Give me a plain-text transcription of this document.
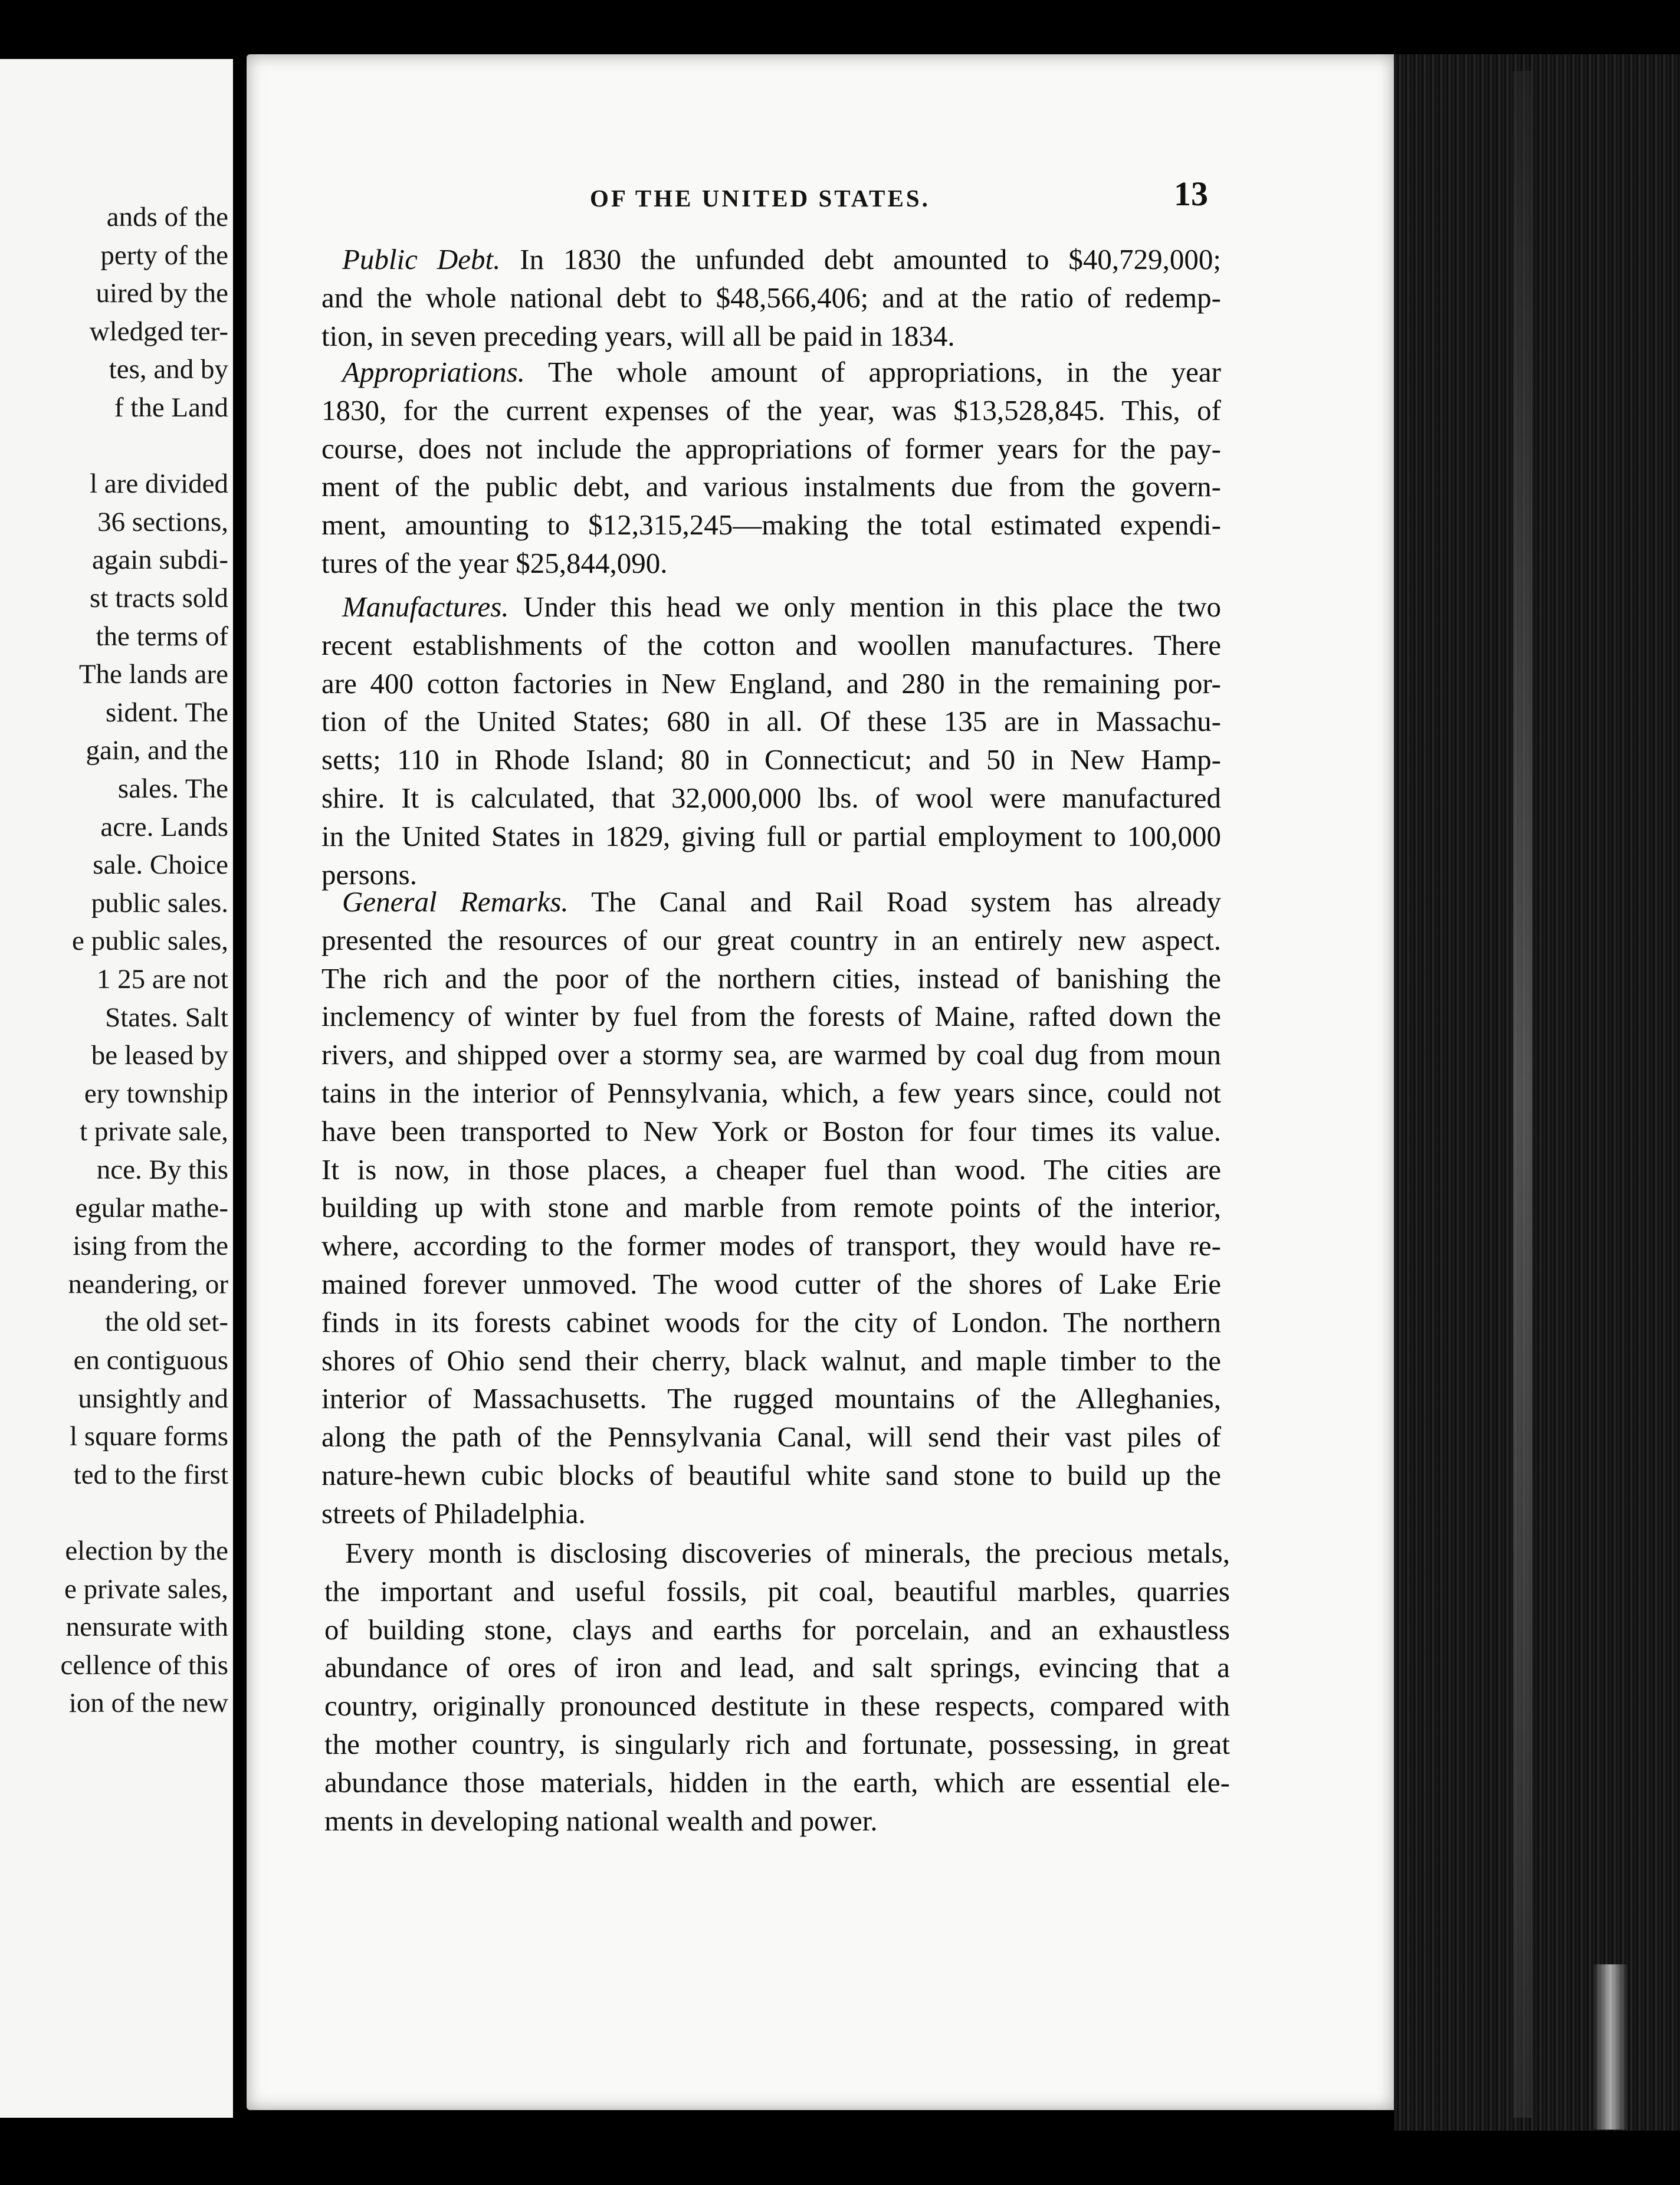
ands of the
perty of the
uired by the
wledged ter-
tes, and by
f the Land
l are divided
36 sections,
again subdi-
st tracts sold
the terms of
The lands are
sident. The
gain, and the
sales. The
acre. Lands
sale. Choice
public sales.
e public sales,
1 25 are not
States. Salt
be leased by
ery township
t private sale,
nce. By this
egular mathe-
ising from the
neandering, or
the old set-
en contiguous
unsightly and
l square forms
ted to the first
election by the
e private sales,
nensurate with
cellence of this
ion of the new
OF THE UNITED STATES.	13
Public Debt. In 1830 the unfunded debt amounted to $40,729,000;
and the whole national debt to $48,566,406; and at the ratio of redemp-
tion, in seven preceding years, will all be paid in 1834.
Appropriations. The whole amount of appropriations, in the year
1830, for the current expenses of the year, was $13,528,845. This, of
course, does not include the appropriations of former years for the pay-
ment of the public debt, and various instalments due from the govern-
ment, amounting to $12,315,245—making the total estimated expendi-
tures of the year $25,844,090.
Manufactures. Under this head we only mention in this place the two
recent establishments of the cotton and woollen manufactures. There
are 400 cotton factories in New England, and 280 in the remaining por-
tion of the United States; 680 in all. Of these 135 are in Massachu-
setts; 110 in Rhode Island; 80 in Connecticut; and 50 in New Hamp-
shire. It is calculated, that 32,000,000 lbs. of wool were manufactured
in the United States in 1829, giving full or partial employment to 100,000
persons.
General Remarks. The Canal and Rail Road system has already
presented the resources of our great country in an entirely new aspect.
The rich and the poor of the northern cities, instead of banishing the
inclemency of winter by fuel from the forests of Maine, rafted down the
rivers, and shipped over a stormy sea, are warmed by coal dug from moun
tains in the interior of Pennsylvania, which, a few years since, could not
have been transported to New York or Boston for four times its value.
It is now, in those places, a cheaper fuel than wood. The cities are
building up with stone and marble from remote points of the interior,
where, according to the former modes of transport, they would have re-
mained forever unmoved. The wood cutter of the shores of Lake Erie
finds in its forests cabinet woods for the city of London. The northern
shores of Ohio send their cherry, black walnut, and maple timber to the
interior of Massachusetts. The rugged mountains of the Alleghanies,
along the path of the Pennsylvania Canal, will send their vast piles of
nature-hewn cubic blocks of beautiful white sand stone to build up the
streets of Philadelphia.
Every month is disclosing discoveries of minerals, the precious metals,
the important and useful fossils, pit coal, beautiful marbles, quarries
of building stone, clays and earths for porcelain, and an exhaustless
abundance of ores of iron and lead, and salt springs, evincing that a
country, originally pronounced destitute in these respects, compared with
the mother country, is singularly rich and fortunate, possessing, in great
abundance those materials, hidden in the earth, which are essential ele-
ments in developing national wealth and power.
